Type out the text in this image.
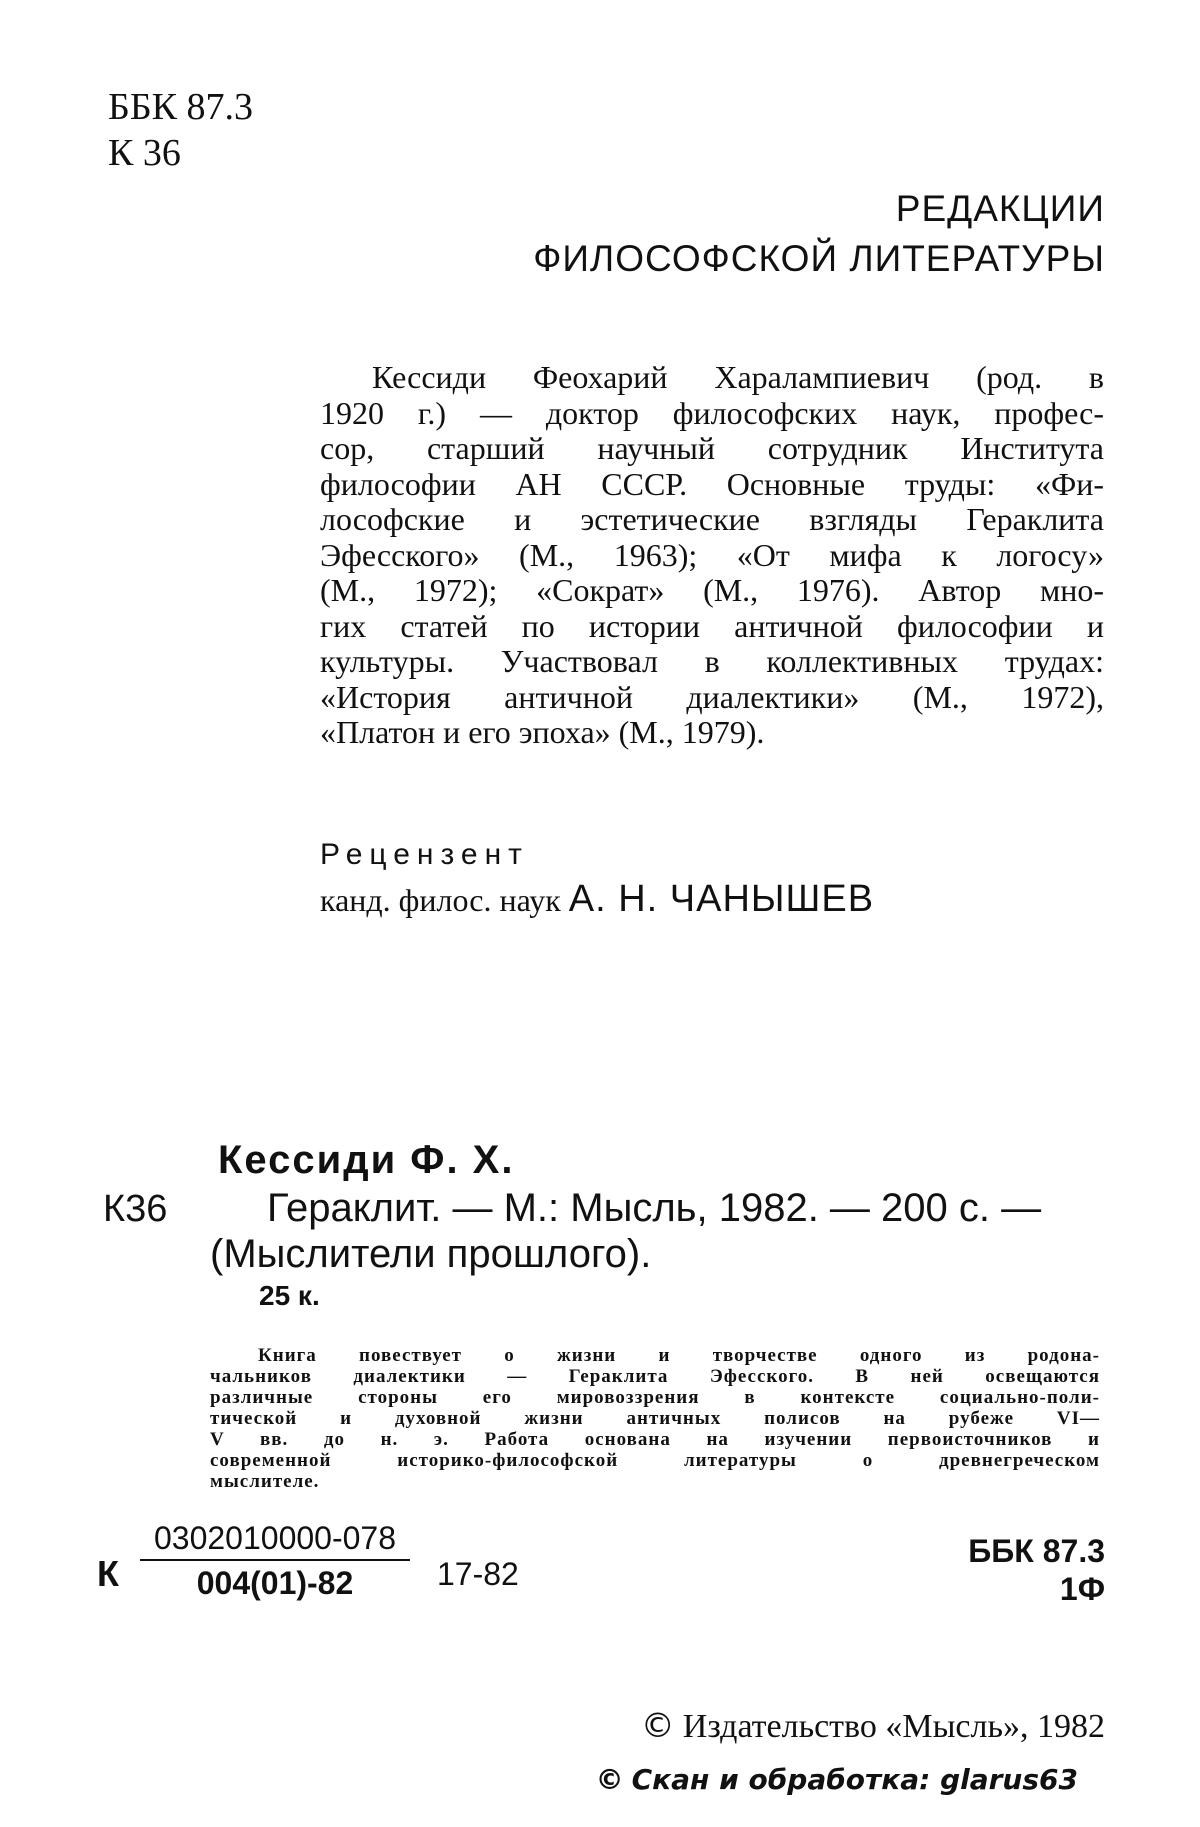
ББК 87.3
К 36
РЕДАКЦИИ
ФИЛОСОФСКОЙ ЛИТЕРАТУРЫ
Кессиди Феохарий Харалампиевич (род. в
1920 г.) — доктор философских наук, профес-
сор, старший научный сотрудник Института
философии АН СССР. Основные труды: «Фи-
лософские и эстетические взгляды Гераклита
Эфесского» (М., 1963); «От мифа к логосу»
(М., 1972); «Сократ» (М., 1976). Автор мно-
гих статей по истории античной философии и
культуры. Участвовал в коллективных трудах:
«История античной диалектики» (М., 1972),
«Платон и его эпоха» (М., 1979).
Рецензент
канд. филос. наук А. Н. ЧАНЫШЕВ
Кессиди Ф. Х.
К36 Гераклит. — М.: Мысль, 1982. — 200 с. —
(Мыслители прошлого).
25 к.
Книга повествует о жизни и творчестве одного из родона-
чальников диалектики — Гераклита Эфесского. В ней освещаются
различные стороны его мировоззрения в контексте социально-поли-
тической и духовной жизни античных полисов на рубеже VI—
V вв. до н. э. Работа основана на изучении первоисточников и
современной историко-философской литературы о древнегреческом
мыслителе.
К $\frac{0302010000-078}{004(01)-82} 17-82$
ББК 87.3
1Ф
© Издательство «Мысль», 1982
© Скан и обработка: glarus63
